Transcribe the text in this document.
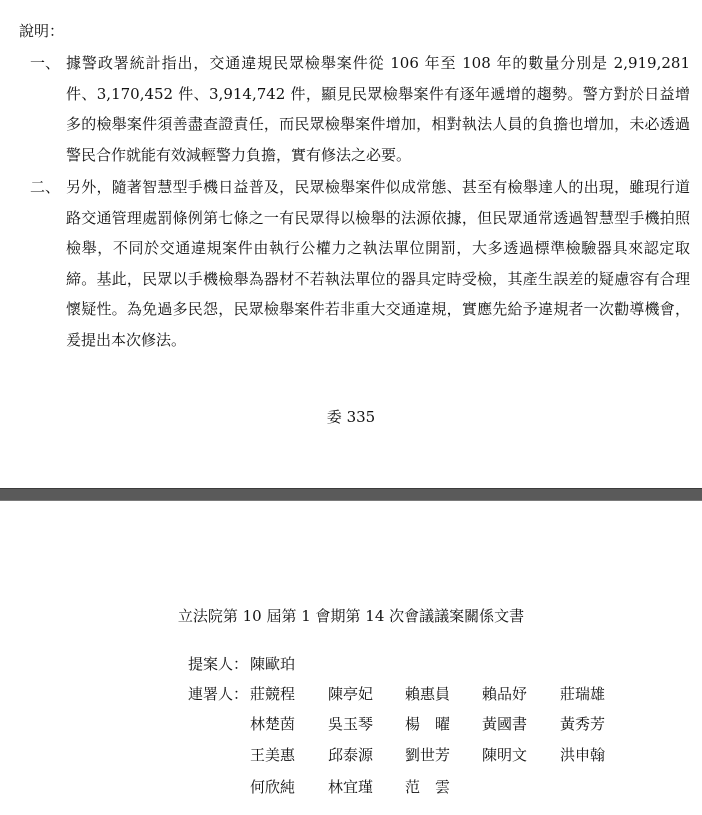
說明：
一、 據警政署統計指出，交通違規民眾檢舉案件從 106 年至 108 年的數量分別是 2,919,281 件、3,170,452 件、3,914,742 件，顯見民眾檢舉案件有逐年遞增的趨勢。警方對於日益增多的檢舉案件須善盡查證責任，而民眾檢舉案件增加，相對執法人員的負擔也增加，未必透過警民合作就能有效減輕警力負擔，實有修法之必要。
二、 另外，隨著智慧型手機日益普及，民眾檢舉案件似成常態、甚至有檢舉達人的出現，雖現行道路交通管理處罰條例第七條之一有民眾得以檢舉的法源依據，但民眾通常透過智慧型手機拍照檢舉，不同於交通違規案件由執行公權力之執法單位開罰，大多透過標準檢驗器具來認定取締。基此，民眾以手機檢舉為器材不若執法單位的器具定時受檢，其產生誤差的疑慮容有合理懷疑性。為免過多民怨，民眾檢舉案件若非重大交通違規，實應先給予違規者一次勸導機會，爰提出本次修法。
委 335
立法院第 10 屆第 1 會期第 14 次會議議案關係文書
提案人： 陳歐珀
連署人： 莊競程 陳亭妃 賴惠員 賴品妤 莊瑞雄
林楚茵 吳玉琴 楊　曜 黃國書 黃秀芳
王美惠 邱泰源 劉世芳 陳明文 洪申翰
何欣純 林宜瑾 范　雲
